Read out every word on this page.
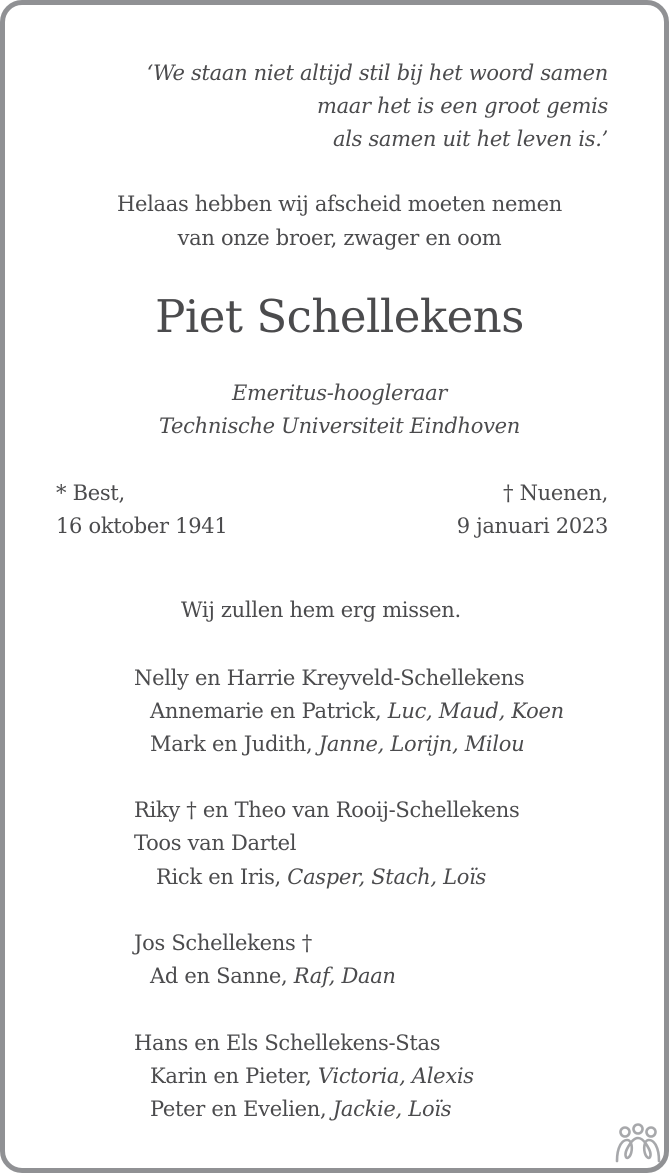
‘We staan niet altijd stil bij het woord samen
maar het is een groot gemis
als samen uit het leven is.’
Helaas hebben wij afscheid moeten nemen
van onze broer, zwager en oom
Piet Schellekens
Emeritus-hoogleraar
Technische Universiteit Eindhoven
* Best,
16 oktober 1941
† Nuenen,
9 januari 2023
Wij zullen hem erg missen.
Nelly en Harrie Kreyveld-Schellekens
Annemarie en Patrick, Luc, Maud, Koen
Mark en Judith, Janne, Lorijn, Milou
Riky † en Theo van Rooij-Schellekens
Toos van Dartel
Rick en Iris, Casper, Stach, Loïs
Jos Schellekens †
Ad en Sanne, Raf, Daan
Hans en Els Schellekens-Stas
Karin en Pieter, Victoria, Alexis
Peter en Evelien, Jackie, Loïs
